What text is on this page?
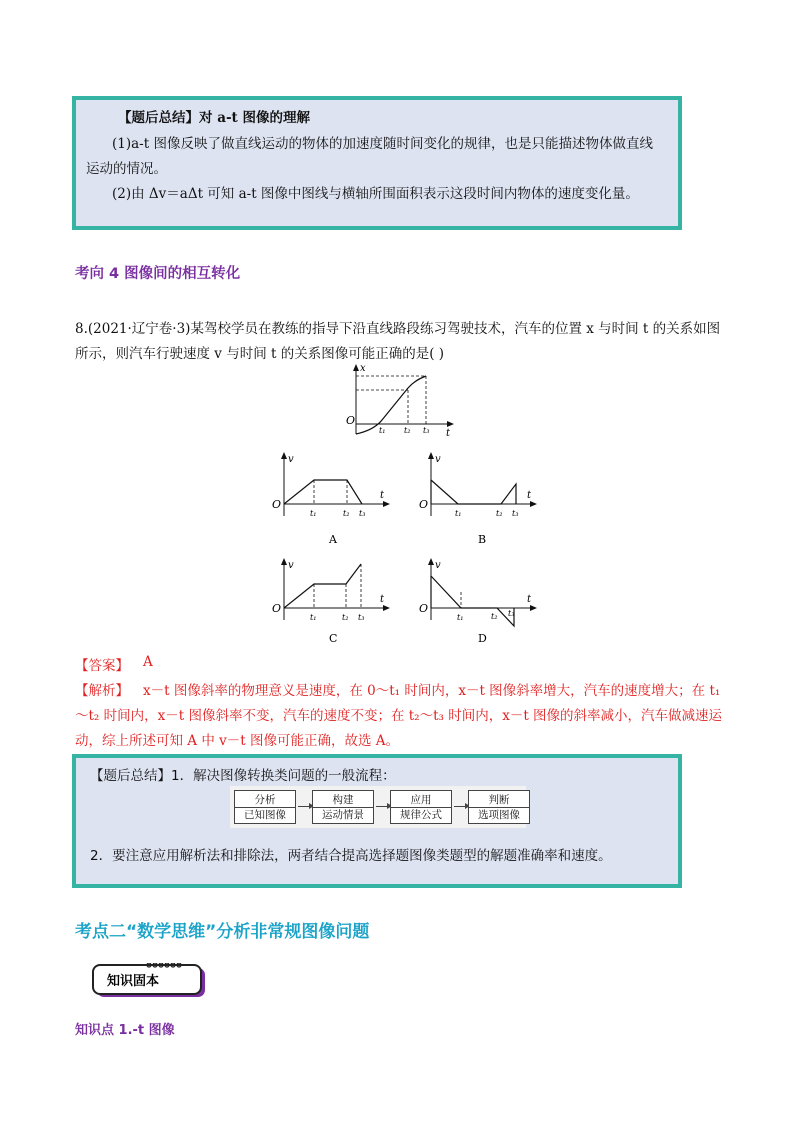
【题后总结】对 a-t 图像的理解
(1)a-t 图像反映了做直线运动的物体的加速度随时间变化的规律，也是只能描述物体做直线
运动的情况。
(2)由 Δv＝aΔt 可知 a-t 图像中图线与横轴所围面积表示这段时间内物体的速度变化量。
考向 4 图像间的相互转化
8.(2021·辽宁卷·3)某驾校学员在教练的指导下沿直线路段练习驾驶技术，汽车的位置 x 与时间 t 的关系如图
所示，则汽车行驶速度 v 与时间 t 的关系图像可能正确的是( )
x
O
t
t₁ t₂ t₃
v
O
t
t₁	t₂ t₃
A
v
O
t
t₁	t₂ t₃
B
v
O
t
t₁	t₂ t₃
C
v
O
t
t₁	t₂ t₃
D
【答案】 A
【解析】 x－t 图像斜率的物理意义是速度，在 0～t₁ 时间内，x－t 图像斜率增大，汽车的速度增大；在 t₁
～t₂ 时间内，x－t 图像斜率不变，汽车的速度不变；在 t₂～t₃ 时间内，x－t 图像的斜率减小，汽车做减速运
动，综上所述可知 A 中 v－t 图像可能正确，故选 A。
【题后总结】1．解决图像转换类问题的一般流程：
2．要注意应用解析法和排除法，两者结合提高选择题图像类题型的解题准确率和速度。
分析
已知图像
构建
运动情景
应用
规律公式
判断
选项图像
考点二“数学思维”分析非常规图像问题
知识固本
知识点 1.-t 图像
